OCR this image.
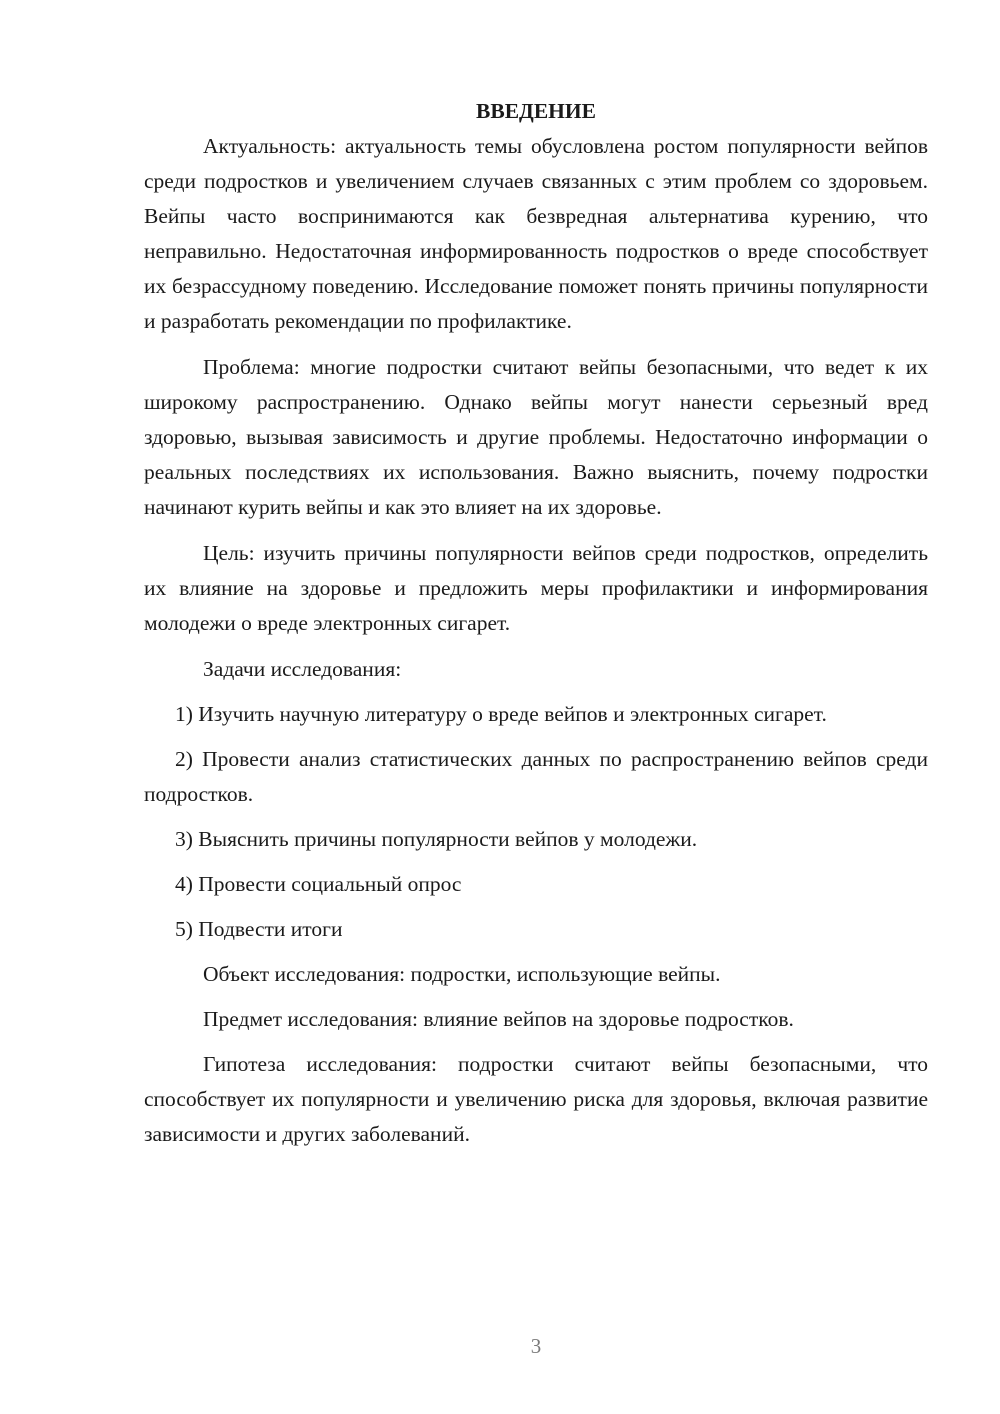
ВВЕДЕНИЕ

Актуальность: актуальность темы обусловлена ростом популярности вейпов среди подростков и увеличением случаев связанных с этим проблем со здоровьем. Вейпы часто воспринимаются как безвредная альтернатива курению, что неправильно. Недостаточная информированность подростков о вреде способствует их безрассудному поведению. Исследование поможет понять причины популярности и разработать рекомендации по профилактике.

Проблема: многие подростки считают вейпы безопасными, что ведет к их широкому распространению. Однако вейпы могут нанести серьезный вред здоровью, вызывая зависимость и другие проблемы. Недостаточно информации о реальных последствиях их использования. Важно выяснить, почему подростки начинают курить вейпы и как это влияет на их здоровье.

Цель: изучить причины популярности вейпов среди подростков, определить их влияние на здоровье и предложить меры профилактики и информирования молодежи о вреде электронных сигарет.

Задачи исследования:

1) Изучить научную литературу о вреде вейпов и электронных сигарет.

2) Провести анализ статистических данных по распространению вейпов среди подростков.

3) Выяснить причины популярности вейпов у молодежи.

4) Провести социальный опрос

5) Подвести итоги

Объект исследования: подростки, использующие вейпы.

Предмет исследования: влияние вейпов на здоровье подростков.

Гипотеза исследования: подростки считают вейпы безопасными, что способствует их популярности и увеличению риска для здоровья, включая развитие зависимости и других заболеваний.

3
